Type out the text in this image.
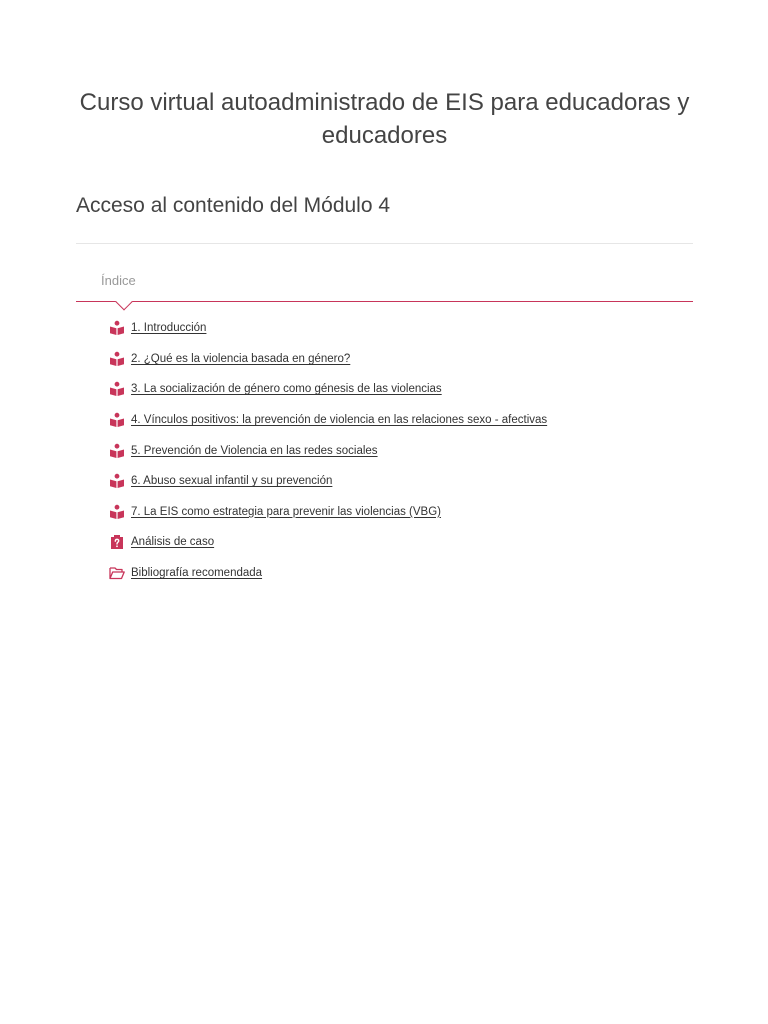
Curso virtual autoadministrado de EIS para educadoras y educadores
Acceso al contenido del Módulo 4
Índice
1. Introducción
2. ¿Qué es la violencia basada en género?
3. La socialización de género como génesis de las violencias
4. Vínculos positivos: la prevención de violencia en las relaciones sexo - afectivas
5. Prevención de Violencia en las redes sociales
6. Abuso sexual infantil y su prevención
7. La EIS como estrategia para prevenir las violencias (VBG)
Análisis de caso
Bibliografía recomendada
